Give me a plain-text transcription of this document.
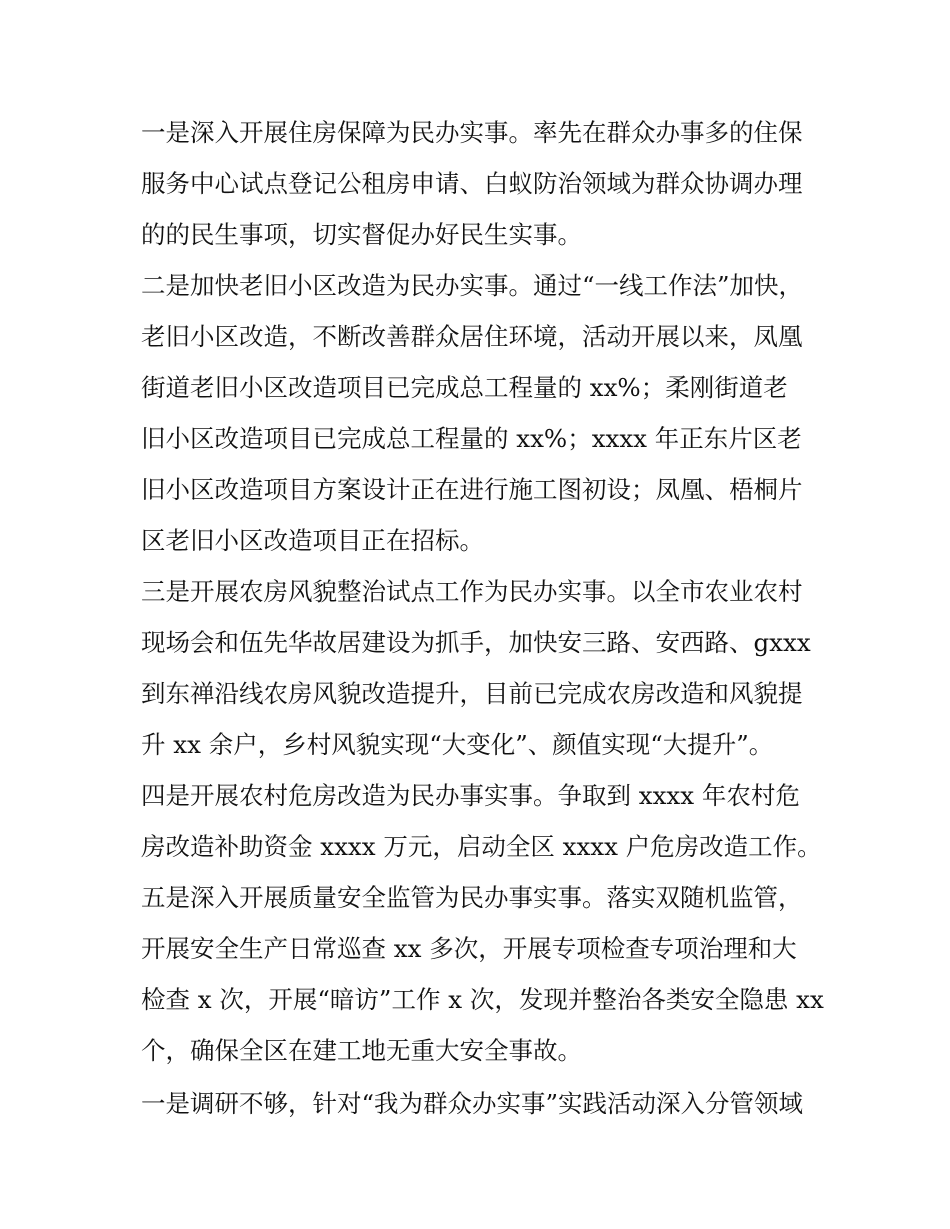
一是深入开展住房保障为民办实事。率先在群众办事多的住保
服务中心试点登记公租房申请、白蚁防治领域为群众协调办理
的的民生事项，切实督促办好民生实事。
二是加快老旧小区改造为民办实事。通过“一线工作法”加快，
老旧小区改造，不断改善群众居住环境，活动开展以来，凤凰
街道老旧小区改造项目已完成总工程量的 xx%；柔刚街道老
旧小区改造项目已完成总工程量的 xx%；xxxx 年正东片区老
旧小区改造项目方案设计正在进行施工图初设；凤凰、梧桐片
区老旧小区改造项目正在招标。
三是开展农房风貌整治试点工作为民办实事。以全市农业农村
现场会和伍先华故居建设为抓手，加快安三路、安西路、gxxx
到东禅沿线农房风貌改造提升，目前已完成农房改造和风貌提
升 xx 余户，乡村风貌实现“大变化”、颜值实现“大提升”。
四是开展农村危房改造为民办事实事。争取到 xxxx 年农村危
房改造补助资金 xxxx 万元，启动全区 xxxx 户危房改造工作。
五是深入开展质量安全监管为民办事实事。落实双随机监管，
开展安全生产日常巡查 xx 多次，开展专项检查专项治理和大
检查 x 次，开展“暗访”工作 x 次，发现并整治各类安全隐患 xx
个，确保全区在建工地无重大安全事故。
一是调研不够，针对“我为群众办实事”实践活动深入分管领域
